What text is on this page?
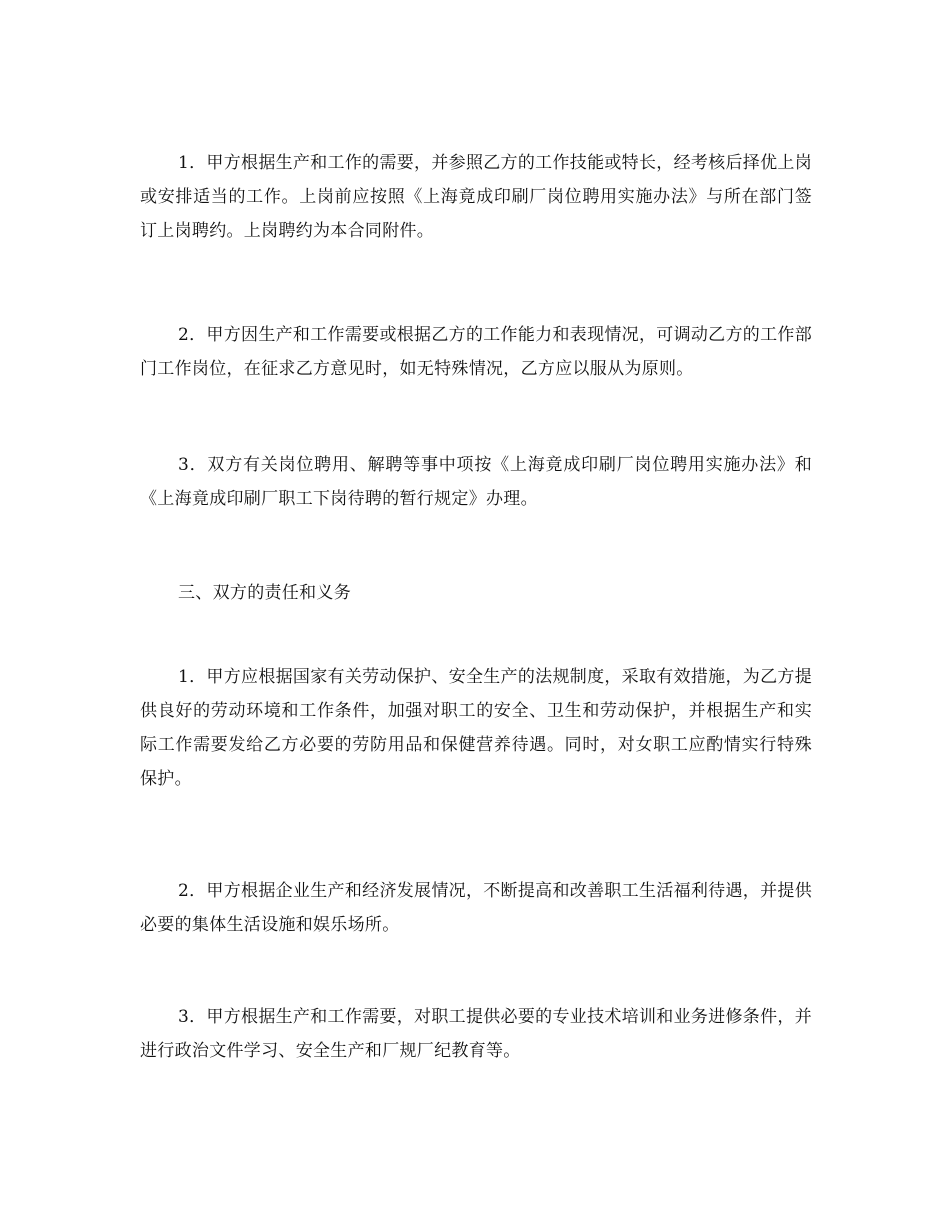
1．甲方根据生产和工作的需要，并参照乙方的工作技能或特长，经考核后择优上岗或安排适当的工作。上岗前应按照《上海竟成印刷厂岗位聘用实施办法》与所在部门签订上岗聘约。上岗聘约为本合同附件。

2．甲方因生产和工作需要或根据乙方的工作能力和表现情况，可调动乙方的工作部门工作岗位，在征求乙方意见时，如无特殊情况，乙方应以服从为原则。

3．双方有关岗位聘用、解聘等事中项按《上海竟成印刷厂岗位聘用实施办法》和《上海竟成印刷厂职工下岗待聘的暂行规定》办理。

三、双方的责任和义务

1．甲方应根据国家有关劳动保护、安全生产的法规制度，采取有效措施，为乙方提供良好的劳动环境和工作条件，加强对职工的安全、卫生和劳动保护，并根据生产和实际工作需要发给乙方必要的劳防用品和保健营养待遇。同时，对女职工应酌情实行特殊保护。

2．甲方根据企业生产和经济发展情况，不断提高和改善职工生活福利待遇，并提供必要的集体生活设施和娱乐场所。

3．甲方根据生产和工作需要，对职工提供必要的专业技术培训和业务进修条件，并进行政治文件学习、安全生产和厂规厂纪教育等。
